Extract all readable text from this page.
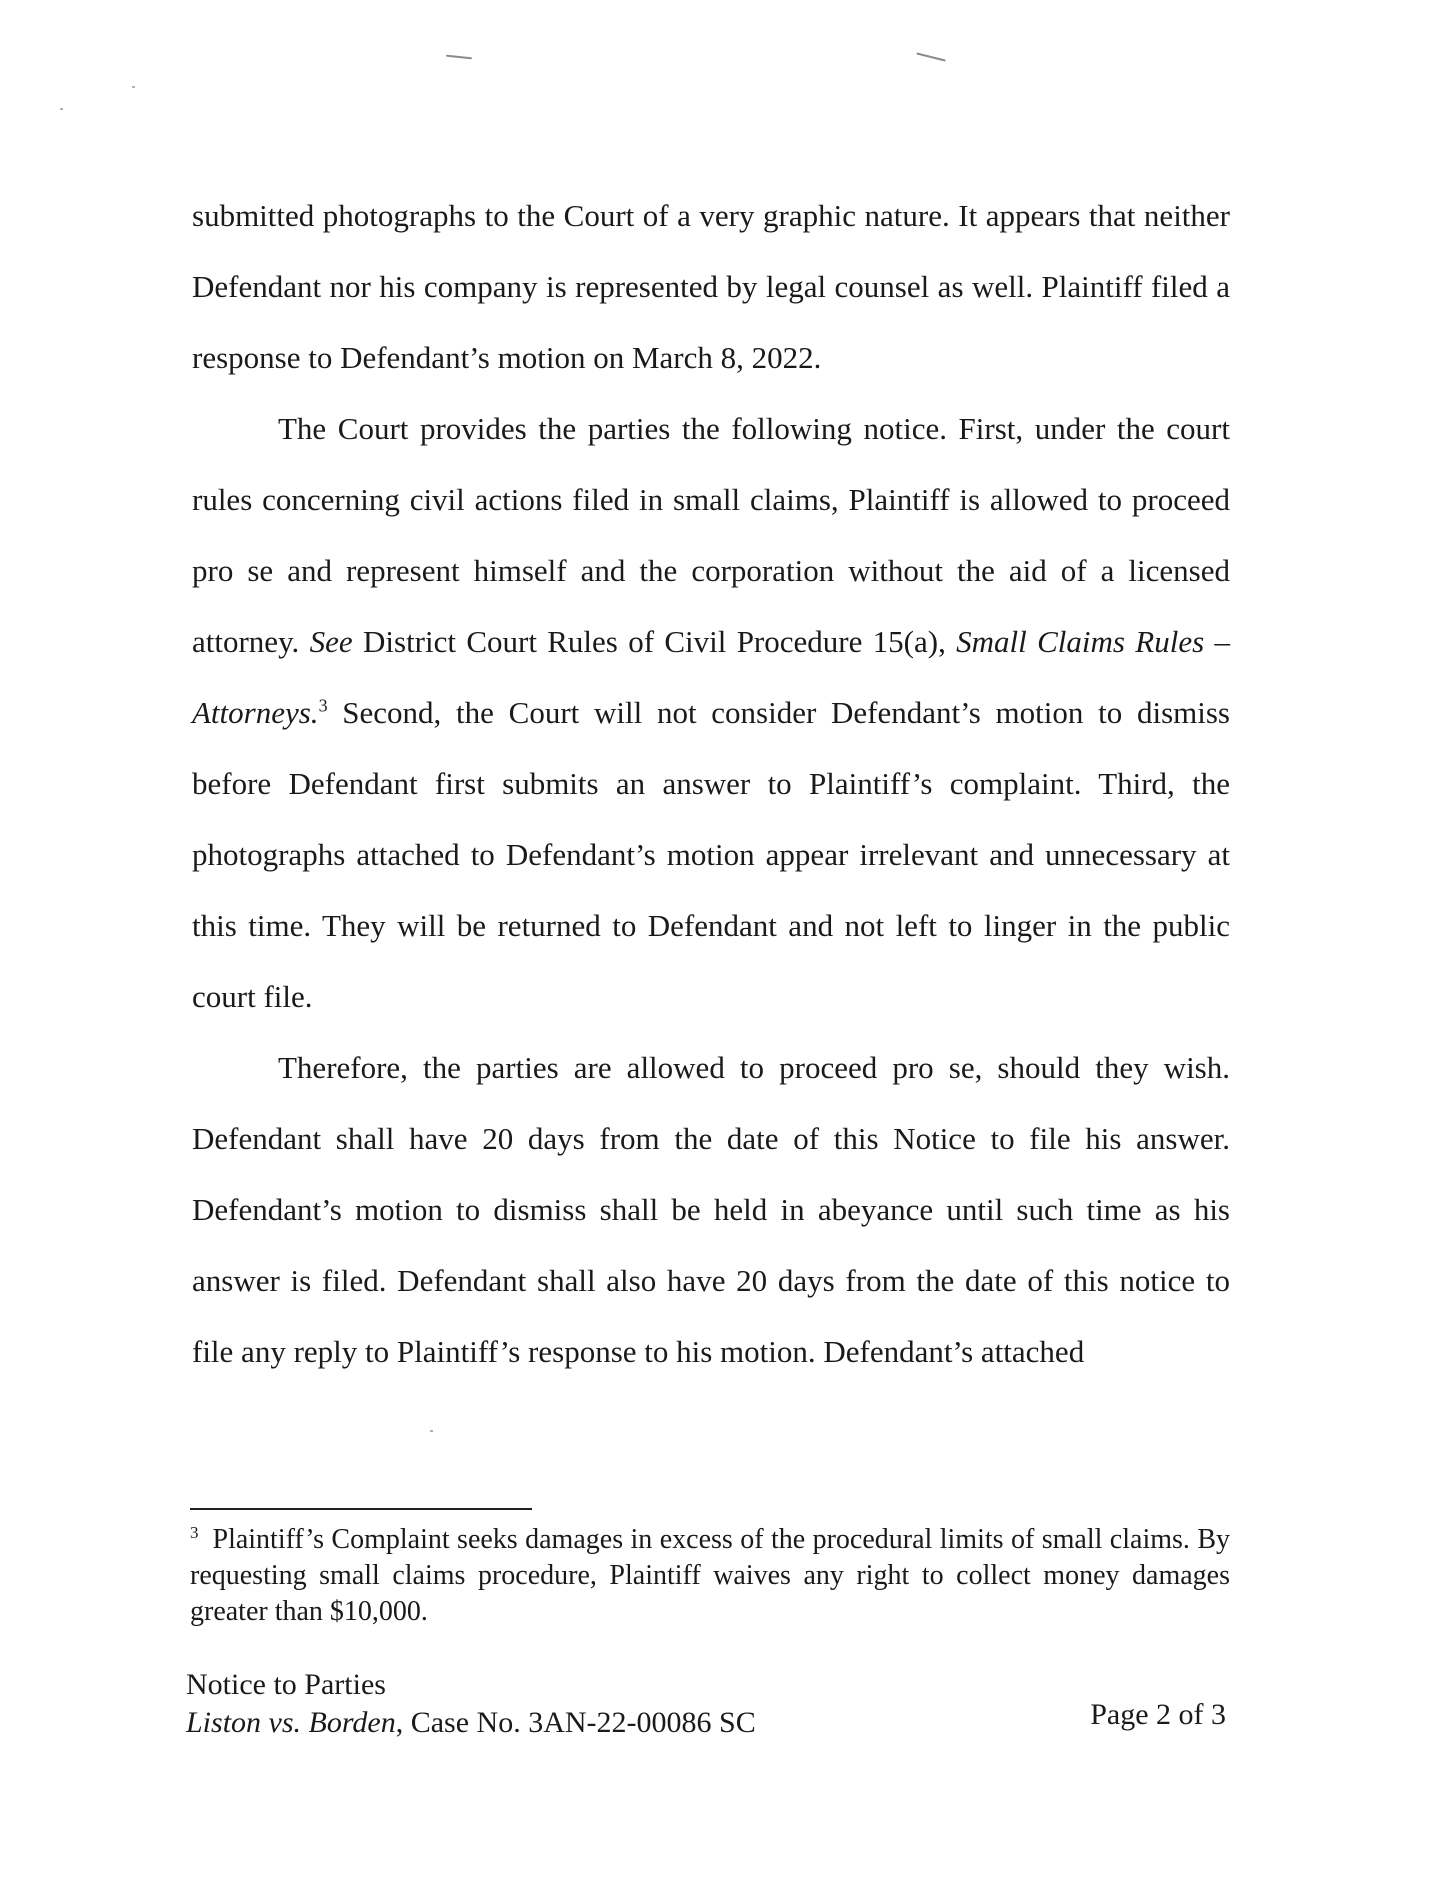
submitted photographs to the Court of a very graphic nature. It appears that neither Defendant nor his company is represented by legal counsel as well. Plaintiff filed a response to Defendant’s motion on March 8, 2022.

The Court provides the parties the following notice. First, under the court rules concerning civil actions filed in small claims, Plaintiff is allowed to proceed pro se and represent himself and the corporation without the aid of a licensed attorney. See District Court Rules of Civil Procedure 15(a), Small Claims Rules – Attorneys.$^3$ Second, the Court will not consider Defendant’s motion to dismiss before Defendant first submits an answer to Plaintiff’s complaint. Third, the photographs attached to Defendant’s motion appear irrelevant and unnecessary at this time. They will be returned to Defendant and not left to linger in the public court file.

Therefore, the parties are allowed to proceed pro se, should they wish. Defendant shall have 20 days from the date of this Notice to file his answer. Defendant’s motion to dismiss shall be held in abeyance until such time as his answer is filed. Defendant shall also have 20 days from the date of this notice to file any reply to Plaintiff’s response to his motion. Defendant’s attached

$^3$ Plaintiff’s Complaint seeks damages in excess of the procedural limits of small claims. By requesting small claims procedure, Plaintiff waives any right to collect money damages greater than $10,000.
Notice to Parties
Liston vs. Borden, Case No. 3AN-22-00086 SC	Page 2 of 3
